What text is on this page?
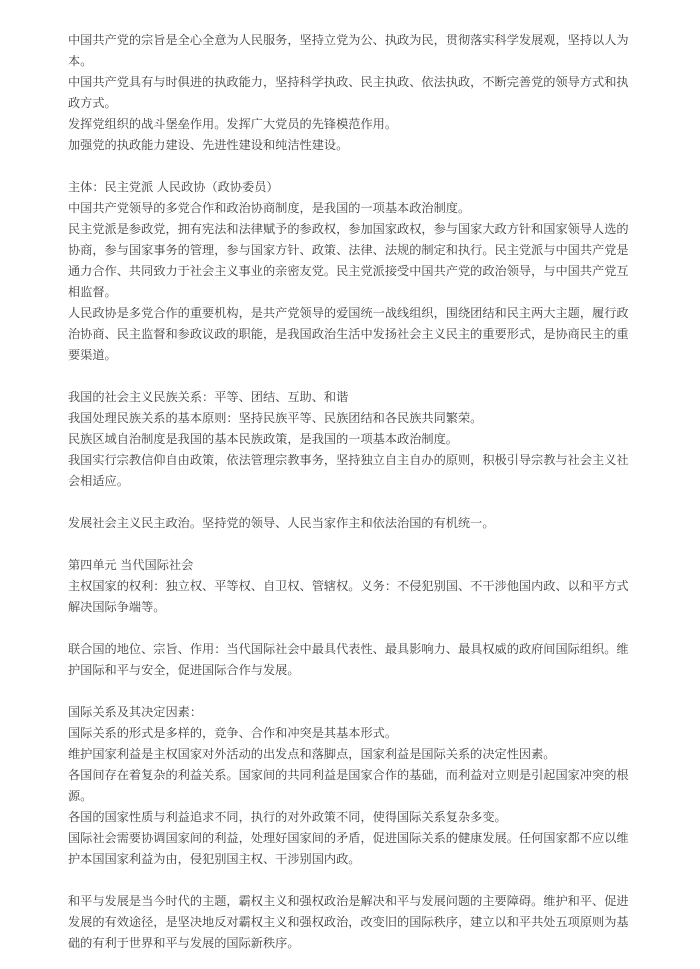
中国共产党的宗旨是全心全意为人民服务，坚持立党为公、执政为民，贯彻落实科学发展观，坚持以人为本。

中国共产党具有与时俱进的执政能力，坚持科学执政、民主执政、依法执政，不断完善党的领导方式和执政方式。

发挥党组织的战斗堡垒作用。发挥广大党员的先锋模范作用。

加强党的执政能力建设、先进性建设和纯洁性建设。

主体：民主党派 人民政协（政协委员）

中国共产党领导的多党合作和政治协商制度，是我国的一项基本政治制度。

民主党派是参政党，拥有宪法和法律赋予的参政权，参加国家政权，参与国家大政方针和国家领导人选的协商，参与国家事务的管理，参与国家方针、政策、法律、法规的制定和执行。民主党派与中国共产党是通力合作、共同致力于社会主义事业的亲密友党。民主党派接受中国共产党的政治领导，与中国共产党互相监督。

人民政协是多党合作的重要机构，是共产党领导的爱国统一战线组织，围绕团结和民主两大主题，履行政治协商、民主监督和参政议政的职能，是我国政治生活中发扬社会主义民主的重要形式，是协商民主的重要渠道。

我国的社会主义民族关系：平等、团结、互助、和谐

我国处理民族关系的基本原则：坚持民族平等、民族团结和各民族共同繁荣。

民族区域自治制度是我国的基本民族政策，是我国的一项基本政治制度。

我国实行宗教信仰自由政策，依法管理宗教事务，坚持独立自主自办的原则，积极引导宗教与社会主义社会相适应。

发展社会主义民主政治。坚持党的领导、人民当家作主和依法治国的有机统一。

第四单元 当代国际社会

主权国家的权利：独立权、平等权、自卫权、管辖权。义务：不侵犯别国、不干涉他国内政、以和平方式解决国际争端等。

联合国的地位、宗旨、作用：当代国际社会中最具代表性、最具影响力、最具权威的政府间国际组织。维护国际和平与安全，促进国际合作与发展。

国际关系及其决定因素：

国际关系的形式是多样的，竞争、合作和冲突是其基本形式。

维护国家利益是主权国家对外活动的出发点和落脚点，国家利益是国际关系的决定性因素。

各国间存在着复杂的利益关系。国家间的共同利益是国家合作的基础，而利益对立则是引起国家冲突的根源。

各国的国家性质与利益追求不同，执行的对外政策不同，使得国际关系复杂多变。

国际社会需要协调国家间的利益，处理好国家间的矛盾，促进国际关系的健康发展。任何国家都不应以维护本国国家利益为由，侵犯别国主权、干涉别国内政。

和平与发展是当今时代的主题，霸权主义和强权政治是解决和平与发展问题的主要障碍。维护和平、促进发展的有效途径，是坚决地反对霸权主义和强权政治，改变旧的国际秩序，建立以和平共处五项原则为基础的有利于世界和平与发展的国际新秩序。
